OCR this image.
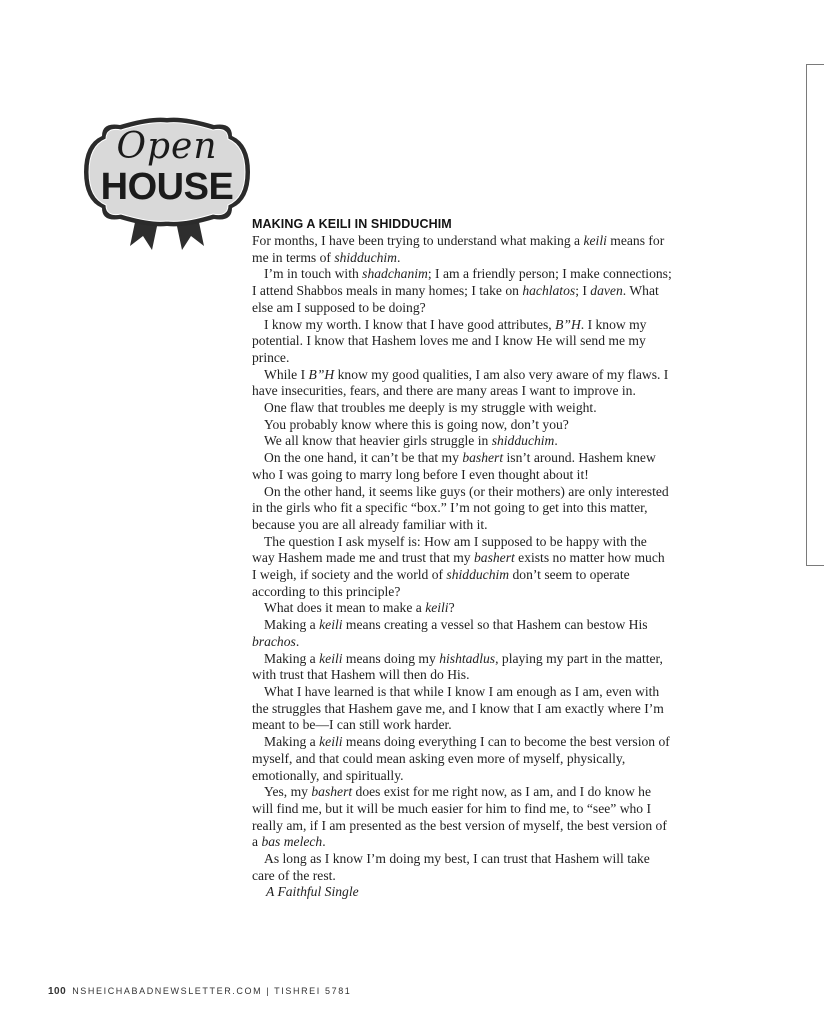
Open
HOUSE
MAKING A KEILI IN SHIDDUCHIM

For months, I have been trying to understand what making a keili means for me in terms of shidduchim.

I’m in touch with shadchanim; I am a friendly person; I make connections; I attend Shabbos meals in many homes; I take on hachlatos; I daven. What else am I supposed to be doing?

I know my worth. I know that I have good attributes, B”H. I know my potential. I know that Hashem loves me and I know He will send me my prince.

While I B”H know my good qualities, I am also very aware of my flaws. I have insecurities, fears, and there are many areas I want to improve in.

One flaw that troubles me deeply is my struggle with weight.

You probably know where this is going now, don’t you?

We all know that heavier girls struggle in shidduchim.

On the one hand, it can’t be that my bashert isn’t around. Hashem knew who I was going to marry long before I even thought about it!

On the other hand, it seems like guys (or their mothers) are only interested in the girls who fit a specific “box.” I’m not going to get into this matter, because you are all already familiar with it.

The question I ask myself is: How am I supposed to be happy with the way Hashem made me and trust that my bashert exists no matter how much I weigh, if society and the world of shidduchim don’t seem to operate according to this principle?

What does it mean to make a keili?

Making a keili means creating a vessel so that Hashem can bestow His brachos.

Making a keili means doing my hishtadlus, playing my part in the matter, with trust that Hashem will then do His.

What I have learned is that while I know I am enough as I am, even with the struggles that Hashem gave me, and I know that I am exactly where I’m meant to be—I can still work harder.

Making a keili means doing everything I can to become the best version of myself, and that could mean asking even more of myself, physically, emotionally, and spiritually.

Yes, my bashert does exist for me right now, as I am, and I do know he will find me, but it will be much easier for him to find me, to “see” who I really am, if I am presented as the best version of myself, the best version of a bas melech.

As long as I know I’m doing my best, I can trust that Hashem will take care of the rest.

A Faithful Single

100 NSHEICHABADNEWSLETTER.COM | TISHREI 5781
